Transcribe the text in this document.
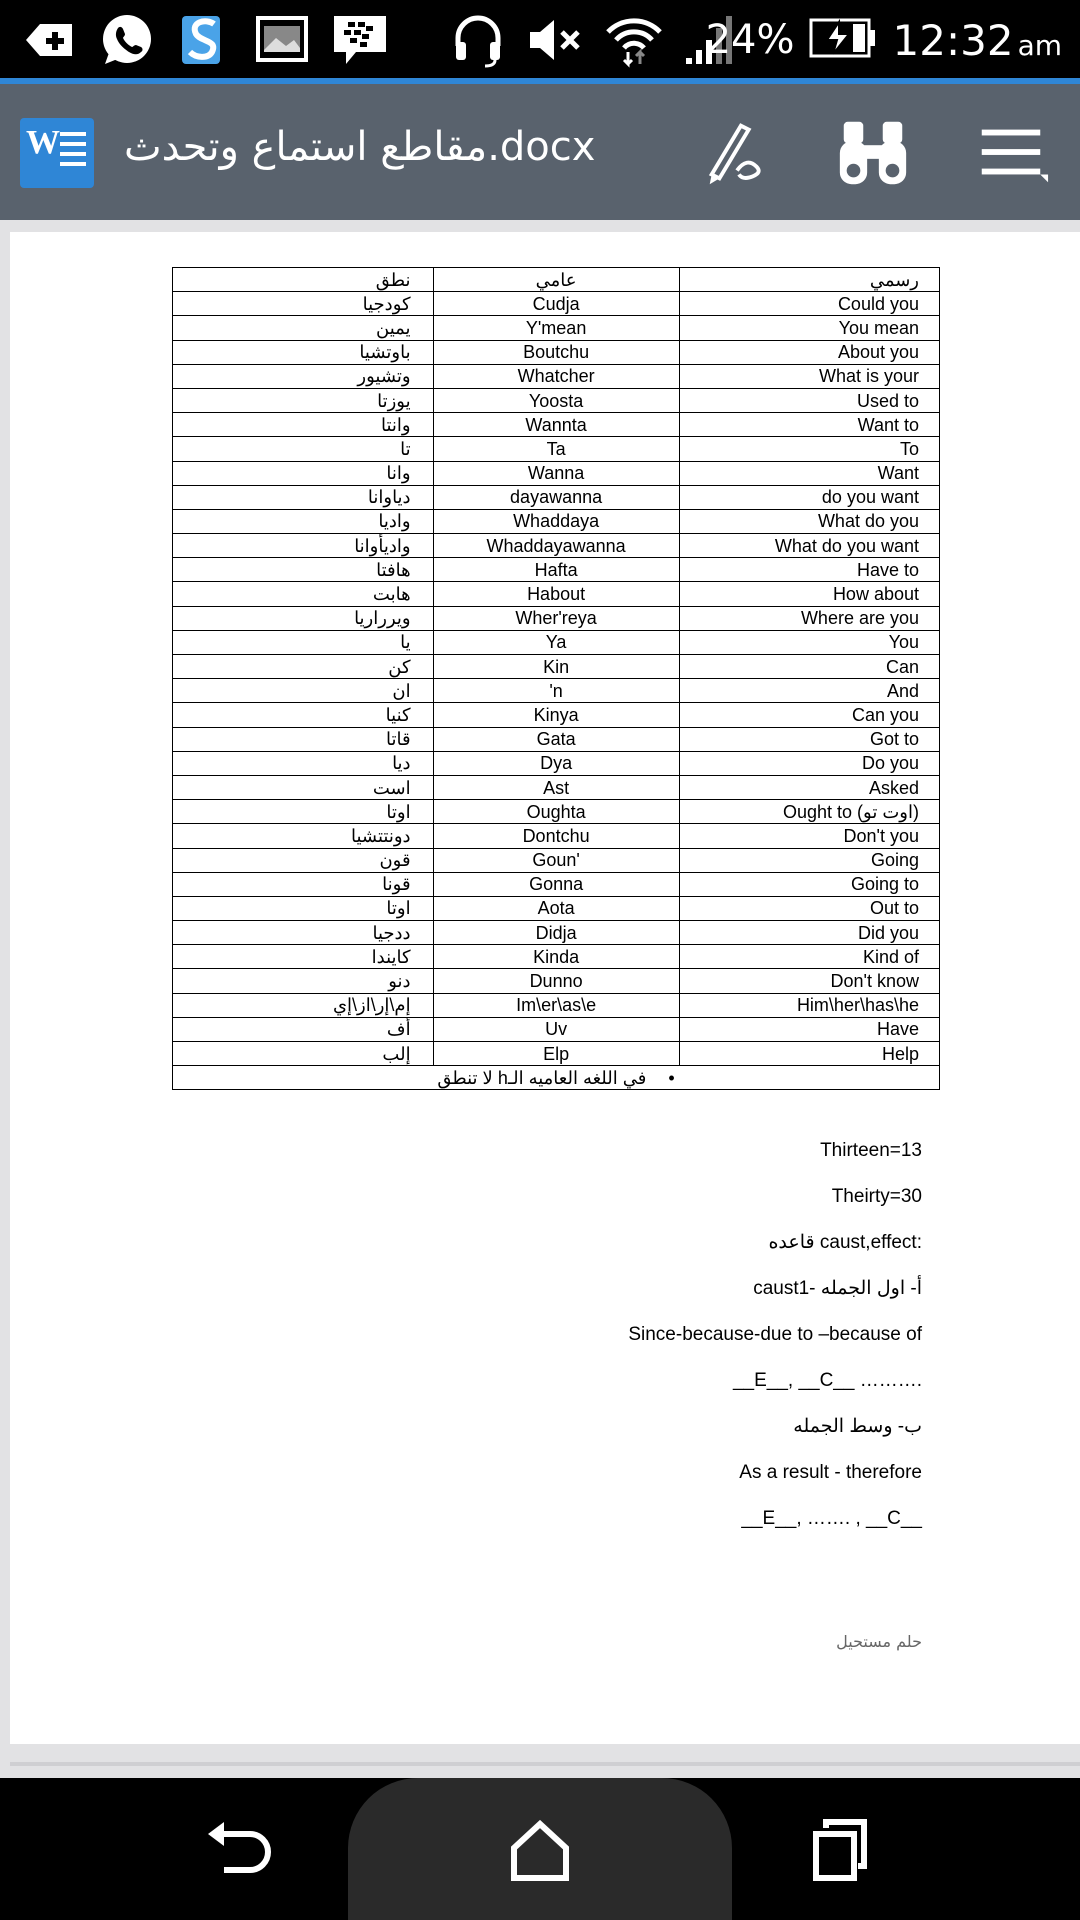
24% 12:32 am
W مقاطع استماع وتحدث.docx
نطق	عامي	رسمي
كودجيا	Cudja	Could you
يمين	Y'mean	You mean
باوتشيا	Boutchu	About you
وتشيور	Whatcher	What is your
يوزتا	Yoosta	Used to
وانتا	Wannta	Want to
تا	Ta	To
وانا	Wanna	Want
دياوانا	dayawanna	do you want
واديا	Whaddaya	What do you
واديأوانا	Whaddayawanna	What do you want
هافتا	Hafta	Have to
هابت	Habout	How about
ويرراريا	Wher'reya	Where are you
يا	Ya	You
كن	Kin	Can
ان	'n	And
كنيا	Kinya	Can you
قاتا	Gata	Got to
ديا	Dya	Do you
است	Ast	Asked
اوتا	Oughta	Ought to (اوت تو)
دونتتشيا	Dontchu	Don't you
قون	Goun'	Going
قونا	Gonna	Going to
اوتا	Aota	Out to
ددجيا	Didja	Did you
كايندا	Kinda	Kind of
دنو	Dunno	Don't know
إم\إر\از\إي	Im\er\as\e	Him\her\has\he
أف	Uv	Have
إلب	Elp	Help
•في اللغه العاميه الـh لا تنطق		

Thirteen=13

Theirty=30

قاعده caust,effect:

caust1- أ- اول الجمله

Since-because-due to –because of

__E__, __C__ ……….

ب- وسط الجمله

As a result - therefore

__E__, ……. , __C__

حلم مستحيل
